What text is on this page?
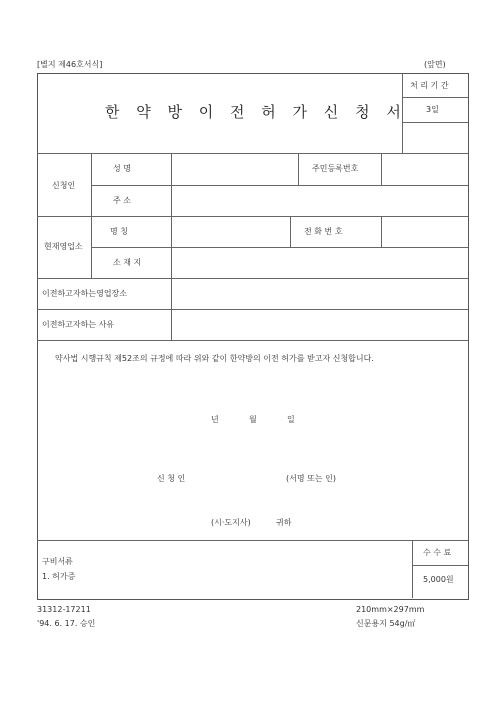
[별지 제46호서식]	(앞면)
한 약 방 이 전 허 가 신 청 서
처 리 기 간
3일
신청인
성 명	주민등록번호
주 소
현재영업소
명 칭	전 화 번 호
소 재 지
이전하고자하는영업장소
이전하고자하는 사유
약사법 시행규칙 제52조의 규정에 따라 위와 같이 한약방의 이전 허가를 받고자 신청합니다.
년	월	일
신 청 인	(서명 또는 인)
(시·도지사)	귀하
구비서류
1. 허가증
수 수 료
5,000원
31312-17211
'94. 6. 17. 승인
210mm×297mm
신문용지 54g/㎡
